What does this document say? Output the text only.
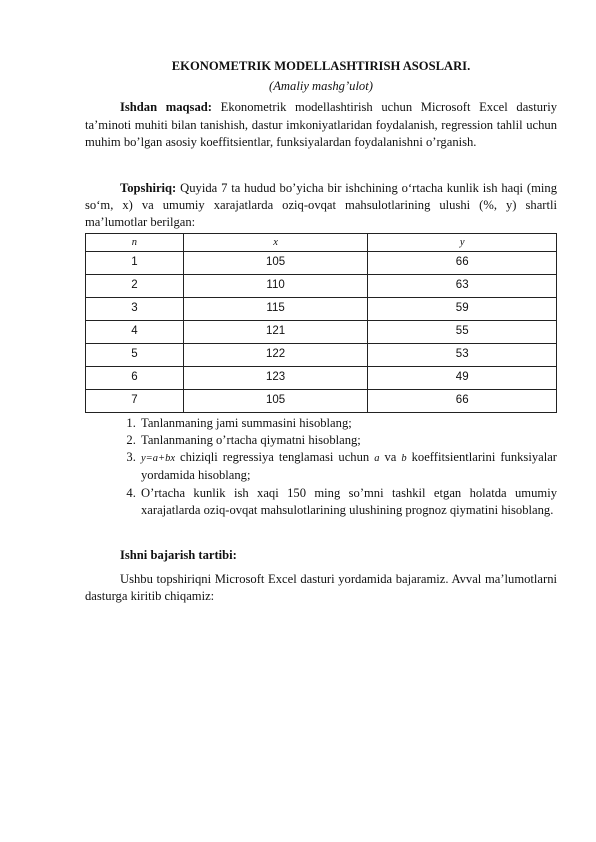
EKONOMETRIK MODELLASHTIRISH ASOSLARI.
(Amaliy mashg’ulot)

Ishdan maqsad: Ekonometrik modellashtirish uchun Microsoft Excel dasturiy ta’minoti muhiti bilan tanishish, dastur imkoniyatlaridan foydalanish, regression tahlil uchun muhim bo’lgan asosiy koeffitsientlar, funksiyalardan foydalanishni o’rganish.

Topshiriq: Quyida 7 ta hudud bo’yicha bir ishchining o‘rtacha kunlik ish haqi (ming so‘m, x) va umumiy xarajatlarda oziq-ovqat mahsulotlarining ulushi (%, y) shartli ma’lumotlar berilgan:

n	x	y
1	105	66
2	110	63
3	115	59
4	121	55
5	122	53
6	123	49
7	105	66
1. Tanlanmaning jami summasini hisoblang;
2. Tanlanmaning o’rtacha qiymatni hisoblang;
3. y=a+bx chiziqli regressiya tenglamasi uchun a va b koeffitsientlarini funksiyalar yordamida hisoblang;
4. O’rtacha kunlik ish xaqi 150 ming so’mni tashkil etgan holatda umumiy xarajatlarda oziq-ovqat mahsulotlarining ulushining prognoz qiymatini hisoblang.

Ishni bajarish tartibi:

Ushbu topshiriqni Microsoft Excel dasturi yordamida bajaramiz. Avval ma’lumotlarni dasturga kiritib chiqamiz:
